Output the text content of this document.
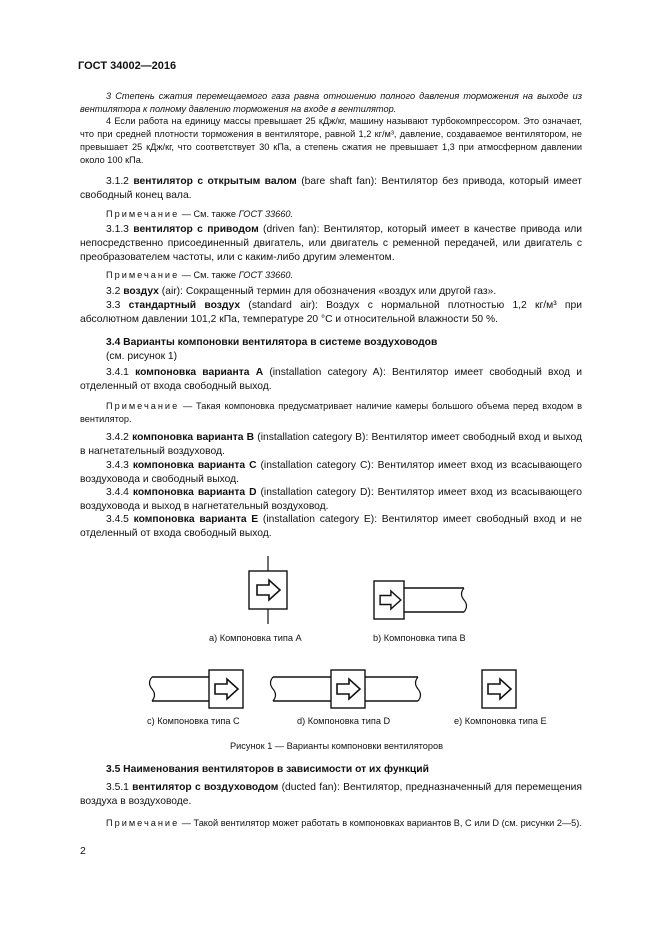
ГОСТ 34002—2016
3 Степень сжатия перемещаемого газа равна отношению полного давления торможения на выходе из вентилятора к полному давлению торможения на входе в вентилятор.
4 Если работа на единицу массы превышает 25 кДж/кг, машину называют турбокомпрессором. Это означает, что при средней плотности торможения в вентиляторе, равной 1,2 кг/м³, давление, создаваемое вентилятором, не превышает 25 кДж/кг, что соответствует 30 кПа, а степень сжатия не превышает 1,3 при атмосферном давлении около 100 кПа.
3.1.2 вентилятор с открытым валом (bare shaft fan): Вентилятор без привода, который имеет свободный конец вала.
Примечание — См. также ГОСТ 33660.
3.1.3 вентилятор с приводом (driven fan): Вентилятор, который имеет в качестве привода или непосредственно присоединенный двигатель, или двигатель с ременной передачей, или двигатель с преобразователем частоты, или с каким-либо другим элементом.
Примечание — См. также ГОСТ 33660.
3.2 воздух (air): Сокращенный термин для обозначения «воздух или другой газ».
3.3 стандартный воздух (standard air): Воздух с нормальной плотностью 1,2 кг/м³ при абсолютном давлении 101,2 кПа, температуре 20 °С и относительной влажности 50 %.
3.4 Варианты компоновки вентилятора в системе воздуховодов
(см. рисунок 1)
3.4.1 компоновка варианта А (installation category A): Вентилятор имеет свободный вход и отделенный от входа свободный выход.
Примечание — Такая компоновка предусматривает наличие камеры большого объема перед входом в вентилятор.
3.4.2 компоновка варианта В (installation category B): Вентилятор имеет свободный вход и выход в нагнетательный воздуховод.
3.4.3 компоновка варианта С (installation category C): Вентилятор имеет вход из всасывающего воздуховода и свободный выход.
3.4.4 компоновка варианта D (installation category D): Вентилятор имеет вход из всасывающего воздуховода и выход в нагнетательный воздуховод.
3.4.5 компоновка варианта Е (installation category E): Вентилятор имеет свободный вход и не отделенный от входа свободный выход.
а) Компоновка типа А	b) Компоновка типа В
с) Компоновка типа С	d) Компоновка типа D	е) Компоновка типа Е
Рисунок 1 — Варианты компоновки вентиляторов
3.5 Наименования вентиляторов в зависимости от их функций
3.5.1 вентилятор с воздуховодом (ducted fan): Вентилятор, предназначенный для перемещения воздуха в воздуховоде.
Примечание — Такой вентилятор может работать в компоновках вариантов В, С или D (см. рисунки 2—5).
2
